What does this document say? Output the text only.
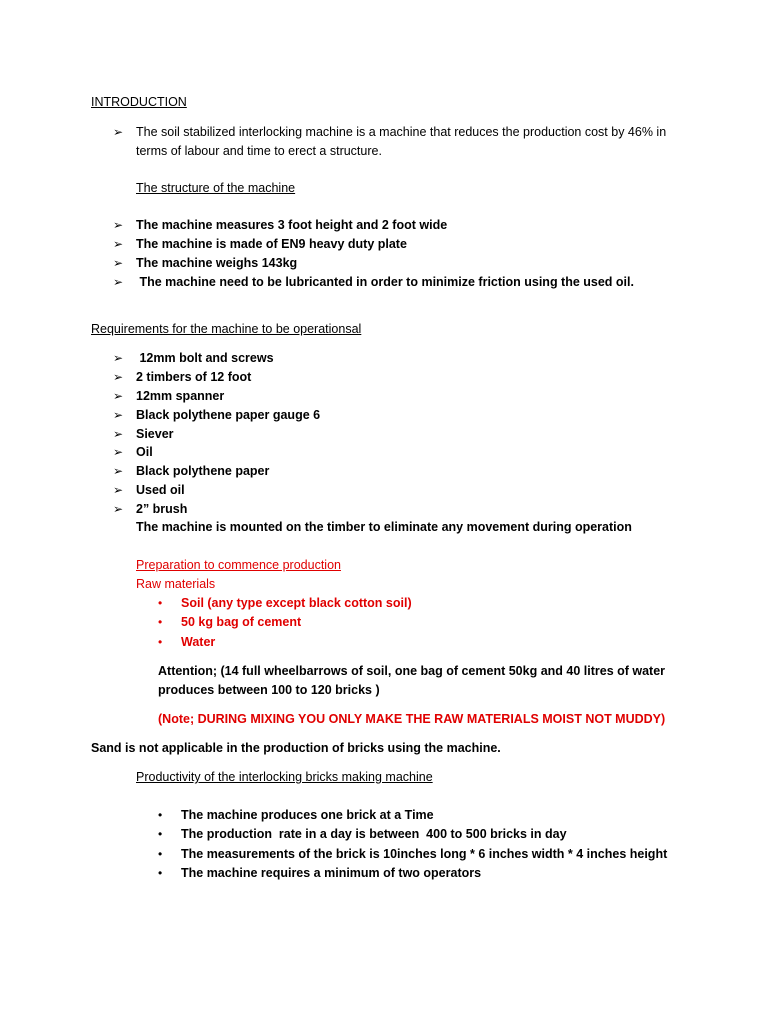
INTRODUCTION
➢ The soil stabilized interlocking machine is a machine that reduces the production cost by 46% in
terms of labour and time to erect a structure.
The structure of the machine
➢ The machine measures 3 foot height and 2 foot wide
➢ The machine is made of EN9 heavy duty plate
➢ The machine weighs 143kg
➢ The machine need to be lubricanted in order to minimize friction using the used oil.
Requirements for the machine to be operationsal
➢ 12mm bolt and screws
➢ 2 timbers of 12 foot
➢ 12mm spanner
➢ Black polythene paper gauge 6
➢ Siever
➢ Oil
➢ Black polythene paper
➢ Used oil
➢ 2” brush
The machine is mounted on the timber to eliminate any movement during operation
Preparation to commence production
Raw materials
• Soil (any type except black cotton soil)
• 50 kg bag of cement
• Water
Attention; (14 full wheelbarrows of soil, one bag of cement 50kg and 40 litres of water
produces between 100 to 120 bricks )
(Note; DURING MIXING YOU ONLY MAKE THE RAW MATERIALS MOIST NOT MUDDY)
Sand is not applicable in the production of bricks using the machine.
Productivity of the interlocking bricks making machine
• The machine produces one brick at a Time
• The production  rate in a day is between  400 to 500 bricks in day
• The measurements of the brick is 10inches long * 6 inches width * 4 inches height
• The machine requires a minimum of two operators
